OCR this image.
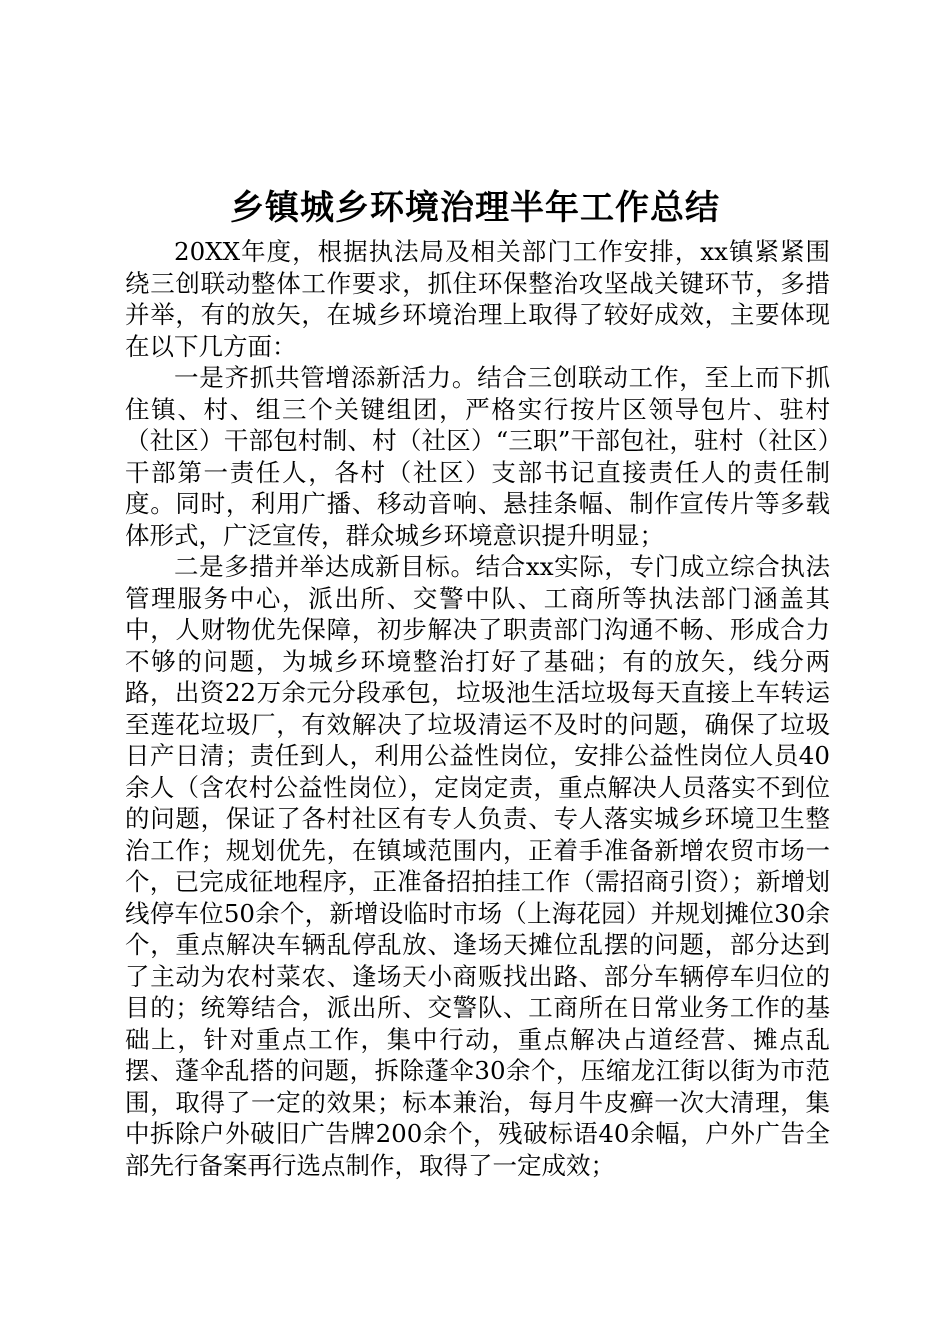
乡镇城乡环境治理半年工作总结

20XX年度，根据执法局及相关部门工作安排，xx镇紧紧围绕三创联动整体工作要求，抓住环保整治攻坚战关键环节，多措并举，有的放矢，在城乡环境治理上取得了较好成效，主要体现在以下几方面：

一是齐抓共管增添新活力。结合三创联动工作，至上而下抓住镇、村、组三个关键组团，严格实行按片区领导包片、驻村（社区）干部包村制、村（社区）“三职”干部包社，驻村（社区）干部第一责任人，各村（社区）支部书记直接责任人的责任制度。同时，利用广播、移动音响、悬挂条幅、制作宣传片等多载体形式，广泛宣传，群众城乡环境意识提升明显；

二是多措并举达成新目标。结合xx实际，专门成立综合执法管理服务中心，派出所、交警中队、工商所等执法部门涵盖其中，人财物优先保障，初步解决了职责部门沟通不畅、形成合力不够的问题，为城乡环境整治打好了基础；有的放矢，线分两路，出资22万余元分段承包，垃圾池生活垃圾每天直接上车转运至莲花垃圾厂，有效解决了垃圾清运不及时的问题，确保了垃圾日产日清；责任到人，利用公益性岗位，安排公益性岗位人员40余人（含农村公益性岗位），定岗定责，重点解决人员落实不到位的问题，保证了各村社区有专人负责、专人落实城乡环境卫生整治工作；规划优先，在镇域范围内，正着手准备新增农贸市场一个，已完成征地程序，正准备招拍挂工作（需招商引资）；新增划线停车位50余个，新增设临时市场（上海花园）并规划摊位30余个，重点解决车辆乱停乱放、逢场天摊位乱摆的问题，部分达到了主动为农村菜农、逢场天小商贩找出路、部分车辆停车归位的目的；统筹结合，派出所、交警队、工商所在日常业务工作的基础上，针对重点工作，集中行动，重点解决占道经营、摊点乱摆、蓬伞乱搭的问题，拆除蓬伞30余个，压缩龙江街以街为市范围，取得了一定的效果；标本兼治，每月牛皮癣一次大清理，集中拆除户外破旧广告牌200余个，残破标语40余幅，户外广告全部先行备案再行选点制作，取得了一定成效；
